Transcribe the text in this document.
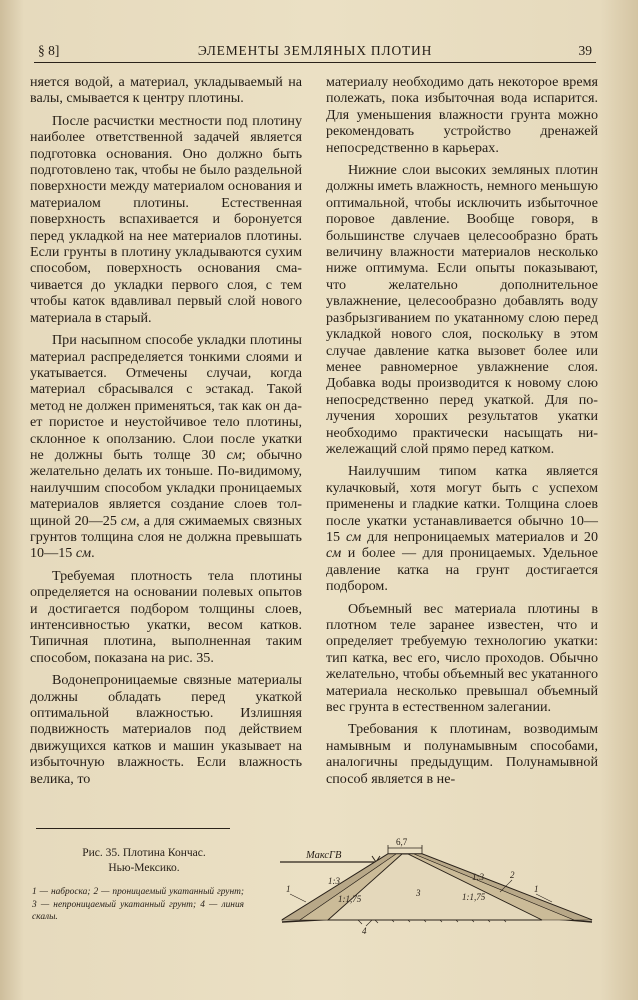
§ 8]	ЭЛЕМЕНТЫ ЗЕМЛЯНЫХ ПЛОТИН	39

няется водой, а материал, укладываемый на валы, смывается к центру плотины.

После расчистки местности под плотину наиболее ответственной задачей является подготовка основания. Оно должно быть подготовлено так, чтобы не было раздельной поверхности между материалом основания и материалом плотины. Естественная поверхность вспахивается и боронуется перед укладкой на нее материалов плотины. Если грунты в плотину укладываются сухим способом, поверхность основания смачивается до укладки первого слоя, с тем чтобы каток вдавливал первый слой нового материала в старый.

При насыпном способе укладки плотины материал распределяется тонкими слоями и укатывается. Отмечены случаи, когда материал сбрасывался с эстакад. Такой метод не должен применяться, так как он дает пористое и неустойчивое тело плотины, склонное к оползанию. Слои после укатки не должны быть толще 30 см; обычно желательно делать их тоньше. По-видимому, наилучшим способом укладки проницаемых материалов является создание слоев толщиной 20—25 см, а для сжимаемых связных грунтов толщина слоя не должна превышать 10—15 см.

Требуемая плотность тела плотины определяется на основании полевых опытов и достигается подбором толщины слоев, интенсивностью укатки, весом катков. Типичная плотина, выполненная таким способом, показана на рис. 35.

Водонепроницаемые связные материалы должны обладать перед укаткой оптимальной влажностью. Излишняя подвижность материалов под действием движущихся катков и машин указывает на избыточную влажность. Если влажность велика, то

материалу необходимо дать некоторое время полежать, пока избыточная вода испарится. Для уменьшения влажности грунта можно рекомендовать устройство дренажей непосредственно в карьерах.

Нижние слои высоких земляных плотин должны иметь влажность, немного меньшую оптимальной, чтобы исключить избыточное поровое давление. Вообще говоря, в большинстве случаев целесообразно брать величину влажности материалов несколько ниже оптимума. Если опыты показывают, что желательно дополнительное увлажнение, целесообразно добавлять воду разбрызгиванием по укатанному слою перед укладкой нового слоя, поскольку в этом случае давление катка вызовет более или менее равномерное увлажнение слоя. Добавка воды производится к новому слою непосредственно перед укаткой. Для получения хороших результатов укатки необходимо практически насыщать нижележащий слой прямо перед катком.

Наилучшим типом катка является кулачковый, хотя могут быть с успехом применены и гладкие катки. Толщина слоев после укатки устанавливается обычно 10—15 см для непроницаемых материалов и 20 см и более — для проницаемых. Удельное давление катка на грунт достигается подбором.

Объемный вес материала плотины в плотном теле заранее известен, что и определяет требуемую технологию укатки: тип катка, вес его, число проходов. Обычно желательно, чтобы объемный вес укатанного материала несколько превышал объемный вес грунта в естественном залегании.

Требования к плотинам, возводимым намывным и полунамывным способами, аналогичны предыдущим. Полунамывной способ является в не-

Рис. 35. Плотина Кончас.
Нью-Мексико.
1 — наброска; 2 — проницаемый укатанный грунт; 3 — непроницаемый укатанный грунт; 4 — линия скалы.
МаксГВ
6,7
1:3
1:1,75
1:3
1:1,75
1
2
1
3
4
